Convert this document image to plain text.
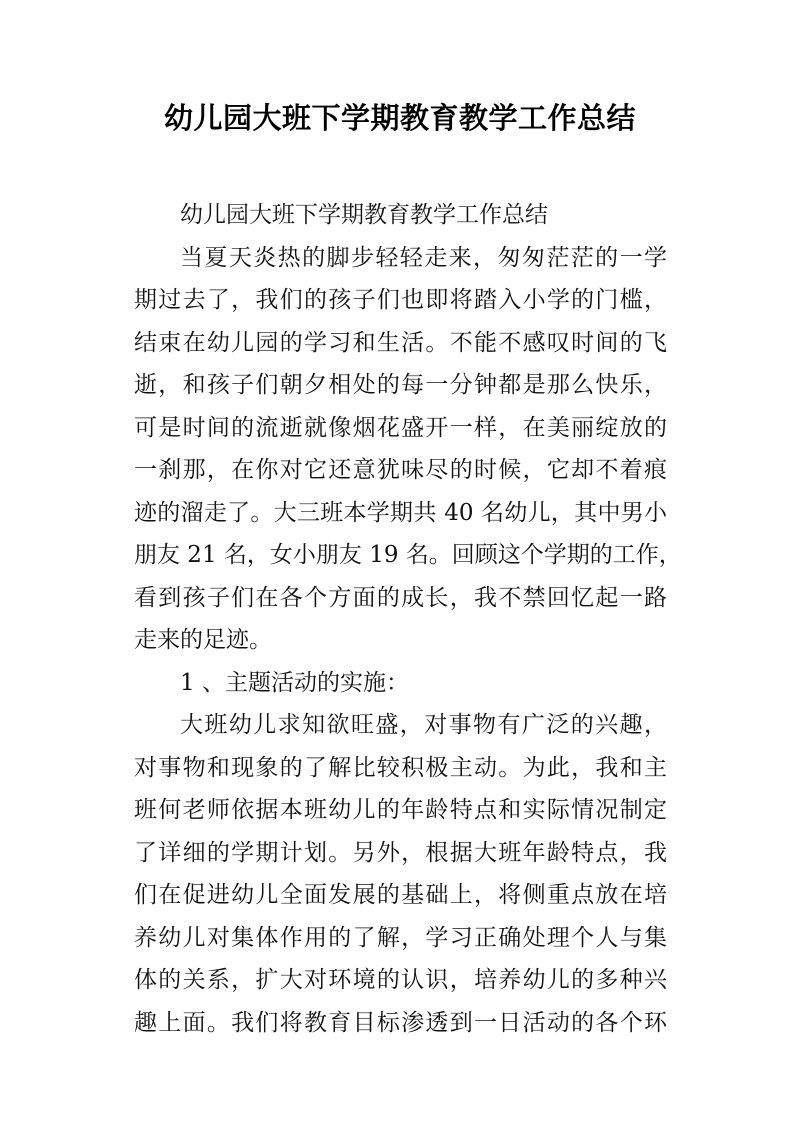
幼儿园大班下学期教育教学工作总结
幼儿园大班下学期教育教学工作总结
当夏天炎热的脚步轻轻走来，匆匆茫茫的一学
期过去了，我们的孩子们也即将踏入小学的门槛，
结束在幼儿园的学习和生活。不能不感叹时间的飞
逝，和孩子们朝夕相处的每一分钟都是那么快乐，
可是时间的流逝就像烟花盛开一样，在美丽绽放的
一刹那，在你对它还意犹味尽的时候，它却不着痕
迹的溜走了。大三班本学期共 40 名幼儿，其中男小
朋友 21 名，女小朋友 19 名。回顾这个学期的工作，
看到孩子们在各个方面的成长，我不禁回忆起一路
走来的足迹。
1 、主题活动的实施：
大班幼儿求知欲旺盛，对事物有广泛的兴趣，
对事物和现象的了解比较积极主动。为此，我和主
班何老师依据本班幼儿的年龄特点和实际情况制定
了详细的学期计划。另外，根据大班年龄特点，我
们在促进幼儿全面发展的基础上，将侧重点放在培
养幼儿对集体作用的了解，学习正确处理个人与集
体的关系，扩大对环境的认识，培养幼儿的多种兴
趣上面。我们将教育目标渗透到一日活动的各个环
